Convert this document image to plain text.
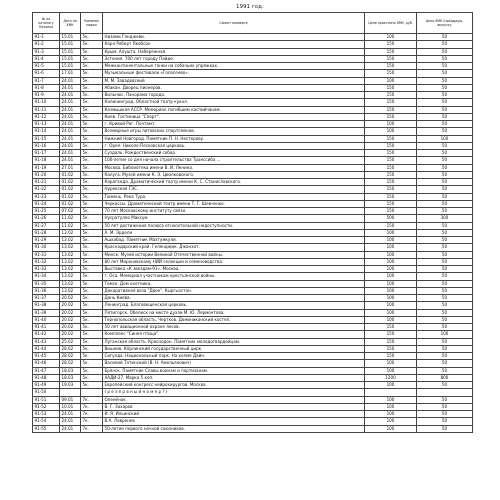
1991 год.
№ по каталогу Пачанка	Дата на ХМК	Номинал марки	Сюжет конверта	Цена практично ХМК, руб.	Цена ХМК (предыдущ. выпуску
91-1	15.01	5к.	Низами Гянджеви.	100	50
91-2	15.01	5к.	Карл Роберт Якобсон	150	50
91-3	15.01	5к.	Крым. Алушта. Набережная.	150	50
91-4	15.01	5к.	Эстония. 700 лет городу Пайде.	150	50
91-5	15.01	5к.	Межконтинентальные гонки на собачьих упряжках.	150	50
91-6	17.01	5к.	Музыкальные фестивали «Голосеево».	150	50
91-7	24.01	5к.	М. М. Завадовский	100	50
91-8	24.01	5к.	Абакан. Дворец пионеров.	150	50
91-9	24.01	5к.	Вильнюс. Панорама города.	150	50
91-10	24.01	5к.	Калининград. Областной театр кукол.	150	50
91-11	24.01	5к.	Казмышкая АССР. Мемориал погибшим каспийчанам.	150	50
91-12	24.01	5к.	Киев. Гостиница "Спорт".	150	50
91-13	24.01	5к.	г. Кривой Рог. Почтамт.	100	50
91-14	24.01	5к.	Всемирные игры литовских спортсменов.	100	50
91-15	24.01	5к.	Нижний Новгород. Памятник П. Н. Нестерову.	150	100
91-16	24.01	5к.	г. Орел. Николо-Песковская церковь.	150	50
91-17	24.01	5к.	Суздаль. Рождественский собор.	150	50
91-18	24.01	5к.	100-летие со дня начала строительства Транссиба ...	150	50
91-19	27.01	5к.	Москва. Библиотека имени В. И. Ленина.	150	50
91-20	01.02	5к.	Калуга. Музей имени К. Э. Циолковского.	150	50
91-21	01.02	5к.	Караганда. Драматический театр имени К. С. Станиславского.	150	50
91-22	01.02	5к.	Нурекская ГЭС.	150	50
91-23	01.02	5к.	Тюмень. Река Тура.	150	50
91-24	01.02	5к.	Черкассы. Драматический театр имени Т. Г. Шевченко.	150	50
91-25	07.02	5к.	70 лет Московскому институту связи.	150	50
91-26	11.02	5к.	Нусратулло Максум	500	300
91-27	11.02	5к.	50 лет достижения полюса относительной недоступности.	150	50
91-28	13.02	5к.	А. М. Эрдели	100	50
91-29	13.02	5к.	Ашхабад. Памятник Махтумкули.	100	50
91-30	13.02	5к.	Краснодарский край. Геленджик. Джанхот.	100	50
91-31	13.02	5к.	Минск. Музей истории Великой Отечественной войны.	100	50
91-32	13.02	5к.	80 лет Мироновскому НИИ селекции и семеноводства.	100	50
91-33	13.02	5к.	Выставка «К звездам-91». Москва.	100	50
91-34	13.02	5к.	г. Оса. Мемориал участникам крестьянской войны.	100	50
91-35	13.02	5к.	Томск. Дом охотника.	100	50
91-36	13.02	5к.	Декоративная ваза "Двое". Кыргызстан.	100	50
91-37	20.02	5к.	День Киева.	100	50
91-38	20.02	5к.	Ленинград. Благовещенская церковь.	100	50
91-39	20.02	5к.	Пятигорск. Обелиск на месте дуэли М. Ю. Лермонтова.	100	50
91-40	20.02	5к.	Тернопольская область. Чертков. Доминиканский костел.	100	50
91-41	20.02	5к.	50 лет авиационной охране лесов.	150	50
91-42	20.02	5к.	Комплекс "Синяя птица".	150	100
91-43	25.02	5к.	Луганская область. Краснодон. Памятник молодогвардейцам.	150	50
91-44	28.02	5к.	Вишнев. Кёрлинский государственный цирк.	150	50
91-45	28.02	5к.	Сигулда. Национальный парк. На холме Дайн.	150	50
91-46	28.02	5к.	Василий Татинский (В. Н. Амельянович)	100	50
91-47	18.03	5к.	Брянск. Памятник Славы воинам и партизанам.	100	50
91-48	18.03	5к.	ХАДИ-27. Марка 5 коп.	1200	800
91-49	19.03	5к.	Европейский конгресс нейрохирургов. Москва.	100	50
91-50			( р е з е р в н ы й н о м е р ? )		
91-51	09.01	7к.	Оленёнок.	100	50
91-52	10.01	7к.	В. Г. Захаров	100	50
91-53	24.01	7к.	И. Я. Ильинский	100	50
91-54	24.01	7к.	В.А. Лавренев	100	50
91-55	24.01	7к.	50-летие первого ночной союзников.	100	50
